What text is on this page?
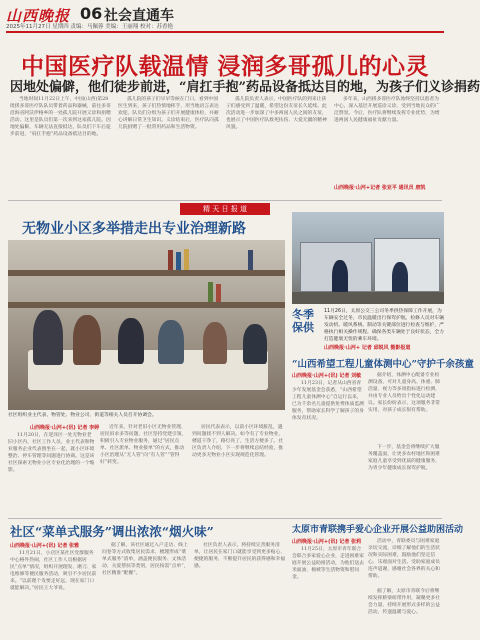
山西晚报 06 社会直通车
2025年11月27日 星期四 责编：马佩蓉 美编：王丽翔 校对：苏香艳
中国医疗队载温情 浸润多哥孤儿的心灵
因地处偏僻，他们徒步前进，“肩扛手抱”药品设备抵达目的地，为孩子们义诊捐药

当地时间11月22日上午，中国(山西)第28批援多哥医疗队队员带着药品和器械，前往多哥沿海省阿沃伊格乡的一处孤儿院开展义诊和捐赠活动。这里是队员们第一次来到这家孤儿院。因地处偏僻，车辆无法直接抵达，队员们下车后徒步前进，“肩扛手抱”药品设备抵达目的地。

孤儿院的孩子们早早等候在门口，看到中国医生到来，孩子们热情地挥手，用当地语言表达欢迎。队员们分组为孩子们开展健康体检，并耐心讲解日常卫生知识。义诊结束后，医疗队向孤儿院捐赠了一批常用药品和生活物资。

孤儿院负责人表示，中国医疗队的到来让孩子们感受到了温暖，希望这份友谊长久延续。此次活动进一步加深了中多两国人民之间的友谊，也展示了中国医疗队救死扶伤、大爱无疆的精神风貌。

多年来，山西援多哥医疗队始终坚持以患者为中心，深入基层开展巡诊义诊，受到当地民众的广泛赞誉。今后，医疗队将继续发挥专业优势，为增进两国人民健康福祉贡献力量。

山西晚报·山河+记者 张亚平 通讯员 唐凯
精 天 日 报 道
无物业小区多举措走出专业治理新路
社区组织业主代表、物管处、物业公司、街道等相关人员召开协调会。
山西晚报·山河+(讯) 记者 李婷

11月20日，在迎泽区一处无物业老旧小区内，社区工作人员、业主代表和物业服务企业代表围坐在一起，就小区环境整治、停车管理等问题进行协商。这是该社区探索无物业小区专业化治理的一个缩影。

近年来，针对老旧小区无物业管理、居民诉求多等问题，社区坚持党建引领，积极引入专业物业服务，通过“居民点单、社区派单、物业接单”的方式，推动小区治理从“无人管”向“有人管”“管得好”转变。

居民代表表示，以前小区环境脏乱，遇到问题找不到人解决。如今有了专业物业，楼道干净了，路灯亮了，生活方便多了。社区负责人介绍，下一步将继续总结经验，推动更多无物业小区实现规范化管理。

冬季保供
11月26日，太原公交三公司冬季供热保障工作开展，为车辆安全过冬，市民温暖出行保驾护航。检修人员对车辆发动机、暖风系统、制动等关键部位进行检查与维护，严格执行相关操作规程，确保各类车辆处于良好状态，全力打造健康无忧的乘车环境。
山西晚报·山河+ 记者 邱锐风 摄影报道
“山西希望工程儿童体测中心”守护千余孩童
山西晚报·山河+(讯) 记者 刘敏

11月23日，记者从山西省青少年发展基金会获悉，“山西希望工程儿童体测中心”自运行以来，已为千余名儿童提供免费体质监测服务，帮助家长科学了解孩子的身体发育状况。

据介绍，体测中心配备专业检测设备，可对儿童身高、体重、肺活量、视力等多项指标进行检测，并由专业人员给出个性化运动建议。家长纷纷表示，这项服务非常实用，对孩子成长很有帮助。

下一步，基金会将继续扩大服务覆盖面，让更多农村地区和困难家庭儿童享受到优质的健康服务，为青少年健康成长保驾护航。

社区“菜单式服务”调出浓浓“烟火味”
山西晚报·山河+(讯) 记者 张雅

11月21日，小店区某社区党群服务中心格外热闹，社区工作人员根据居民“点单”情况，组织开展理发、磨刀、家电维修等便民服务活动，吸引不少居民前来。“以前理个发要走好远，现在家门口就能解决。”居民王大爷说。

据了解，该社区通过入户走访、线上问卷等方式收集居民需求，梳理形成“菜单式服务”清单，涵盖便民服务、文体活动、关爱帮扶等类别，居民按需“点单”，社区精准“配餐”。

社区负责人表示，将持续完善服务清单，让居民在家门口就能享受到更多贴心、便捷的服务，不断提升居民的获得感和幸福感。

太原市青联携手爱心企业开展公益助困活动
山西晚报·山河+(讯) 记者 张莉

11月25日，太原市青年联合会联合多家爱心企业，走进困难家庭开展公益助困活动，为他们送去米面油、棉被等生活物资和慰问金。

活动中，青联委员与困难家庭亲切交流，详细了解他们的生活状况和实际困难，鼓励他们坚定信心、乐观面对生活。受助家庭成员连声道谢，感谢社会各界的关心和帮助。

据了解，太原市青联今后将继续发挥桥梁纽带作用，凝聚更多社会力量，持续开展形式多样的公益活动，传递温暖与爱心。
